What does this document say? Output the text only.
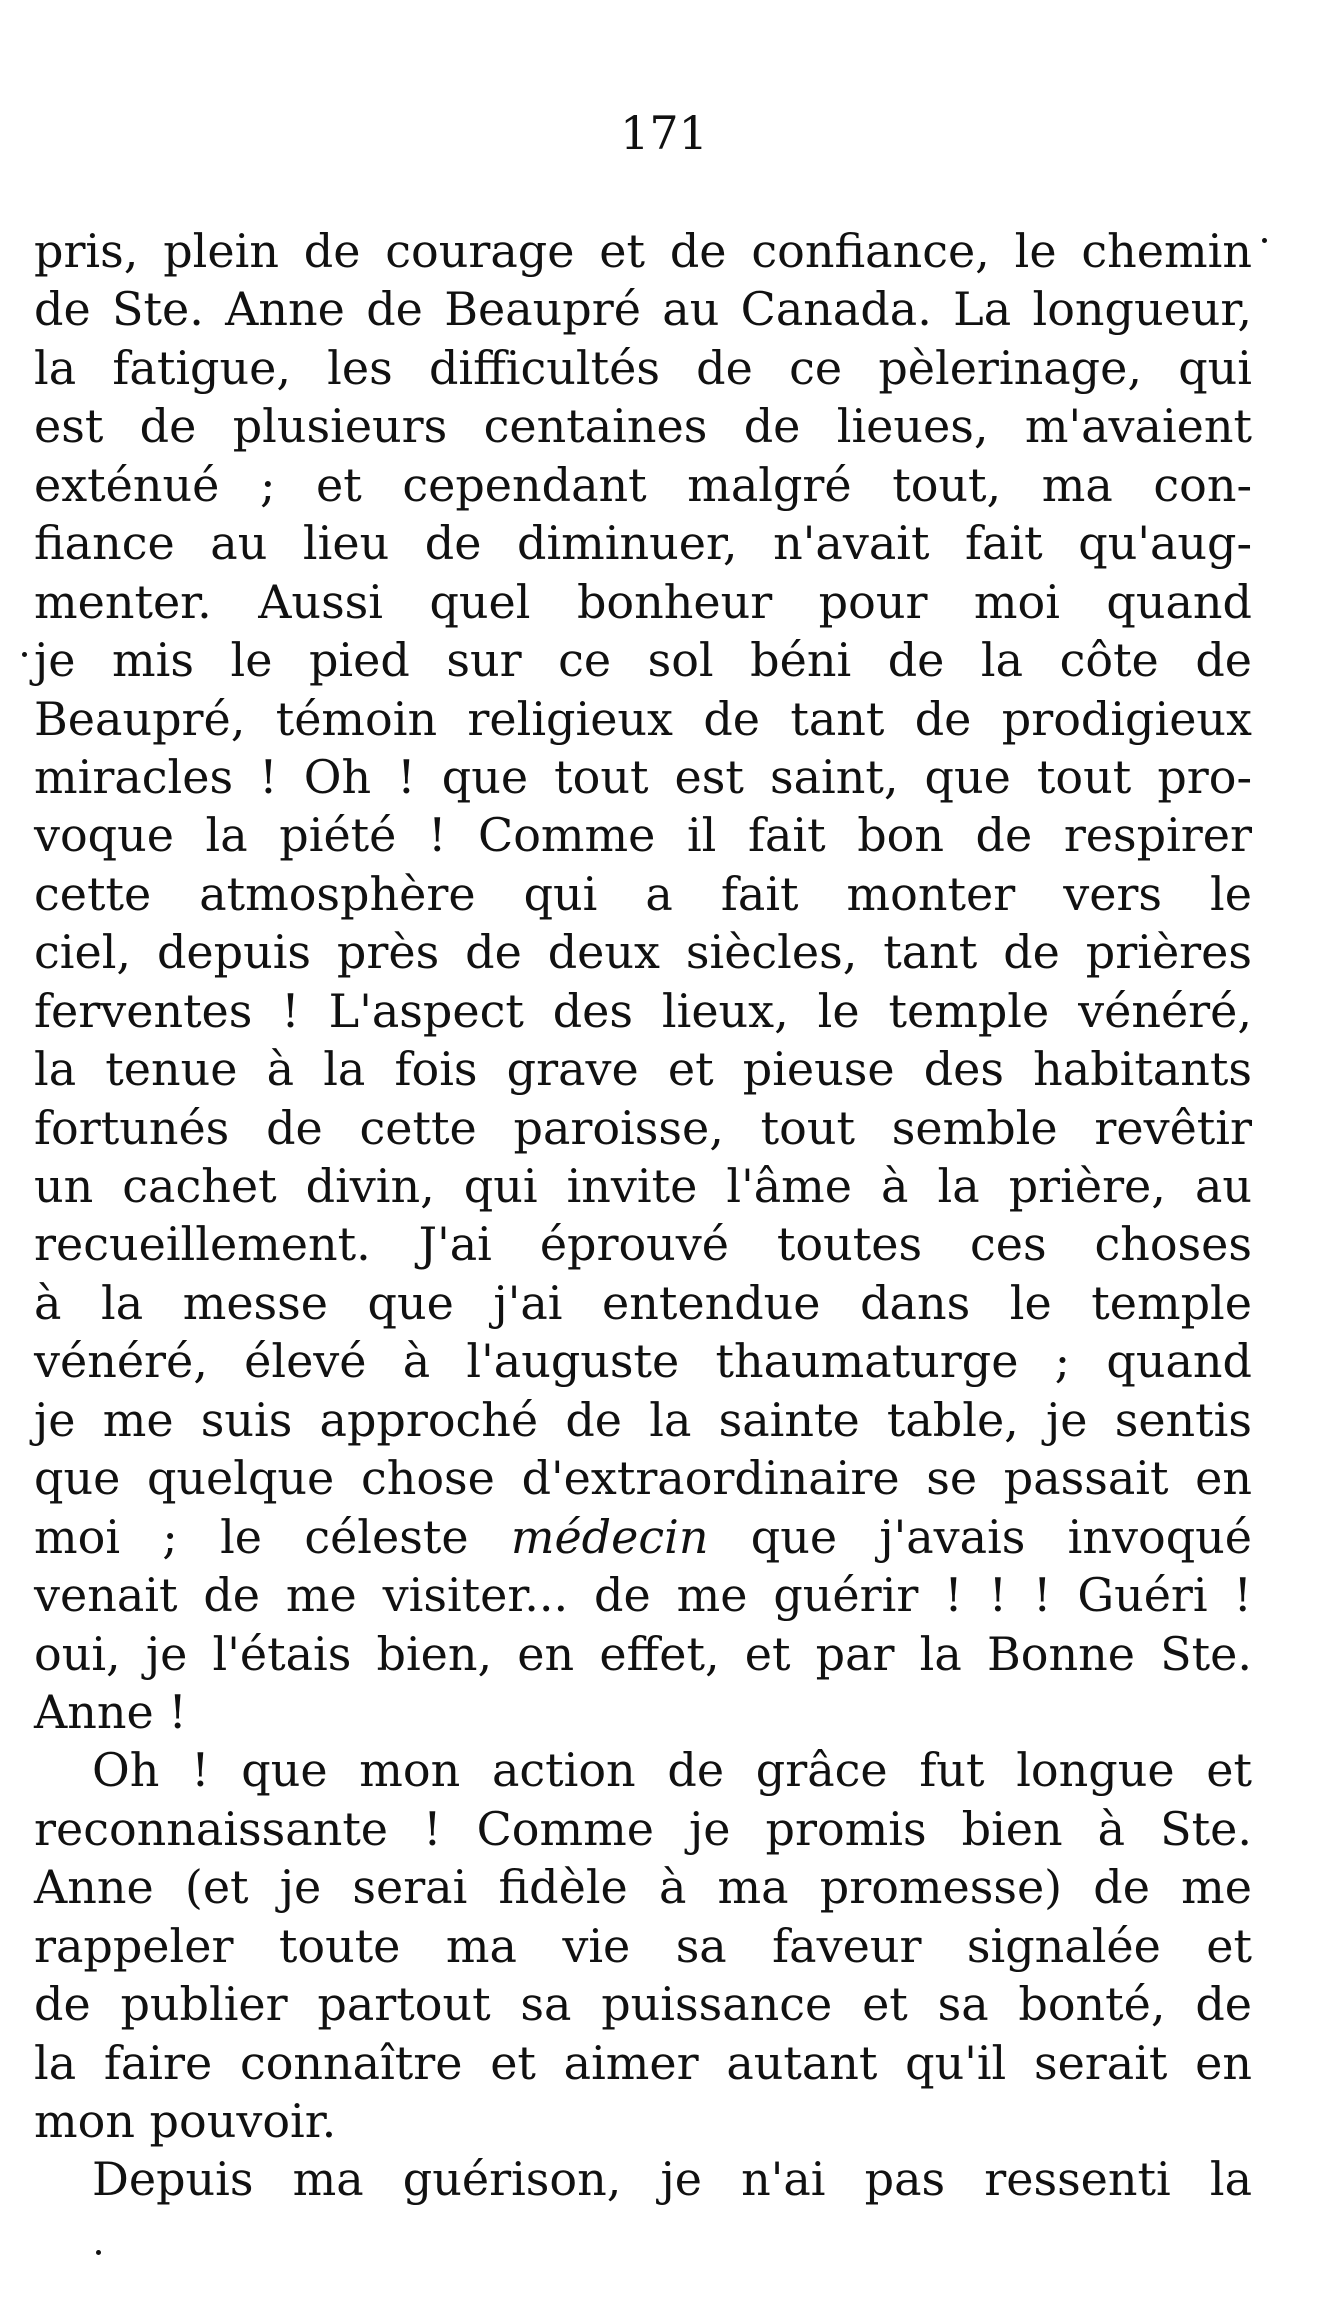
171
pris, plein de courage et de confiance, le chemin
de Ste. Anne de Beaupré au Canada. La longueur,
la fatigue, les difficultés de ce pèlerinage, qui
est de plusieurs centaines de lieues, m'avaient
exténué ; et cependant malgré tout, ma con-
fiance au lieu de diminuer, n'avait fait qu'aug-
menter. Aussi quel bonheur pour moi quand
je mis le pied sur ce sol béni de la côte de
Beaupré, témoin religieux de tant de prodigieux
miracles ! Oh ! que tout est saint, que tout pro-
voque la piété ! Comme il fait bon de respirer
cette atmosphère qui a fait monter vers le
ciel, depuis près de deux siècles, tant de prières
ferventes ! L'aspect des lieux, le temple vénéré,
la tenue à la fois grave et pieuse des habitants
fortunés de cette paroisse, tout semble revêtir
un cachet divin, qui invite l'âme à la prière, au
recueillement. J'ai éprouvé toutes ces choses
à la messe que j'ai entendue dans le temple
vénéré, élevé à l'auguste thaumaturge ; quand
je me suis approché de la sainte table, je sentis
que quelque chose d'extraordinaire se passait en
moi ; le céleste médecin que j'avais invoqué
venait de me visiter... de me guérir ! ! ! Guéri !
oui, je l'étais bien, en effet, et par la Bonne Ste.
Anne !
Oh ! que mon action de grâce fut longue et
reconnaissante ! Comme je promis bien à Ste.
Anne (et je serai fidèle à ma promesse) de me
rappeler toute ma vie sa faveur signalée et
de publier partout sa puissance et sa bonté, de
la faire connaître et aimer autant qu'il serait en
mon pouvoir.
Depuis ma guérison, je n'ai pas ressenti la
